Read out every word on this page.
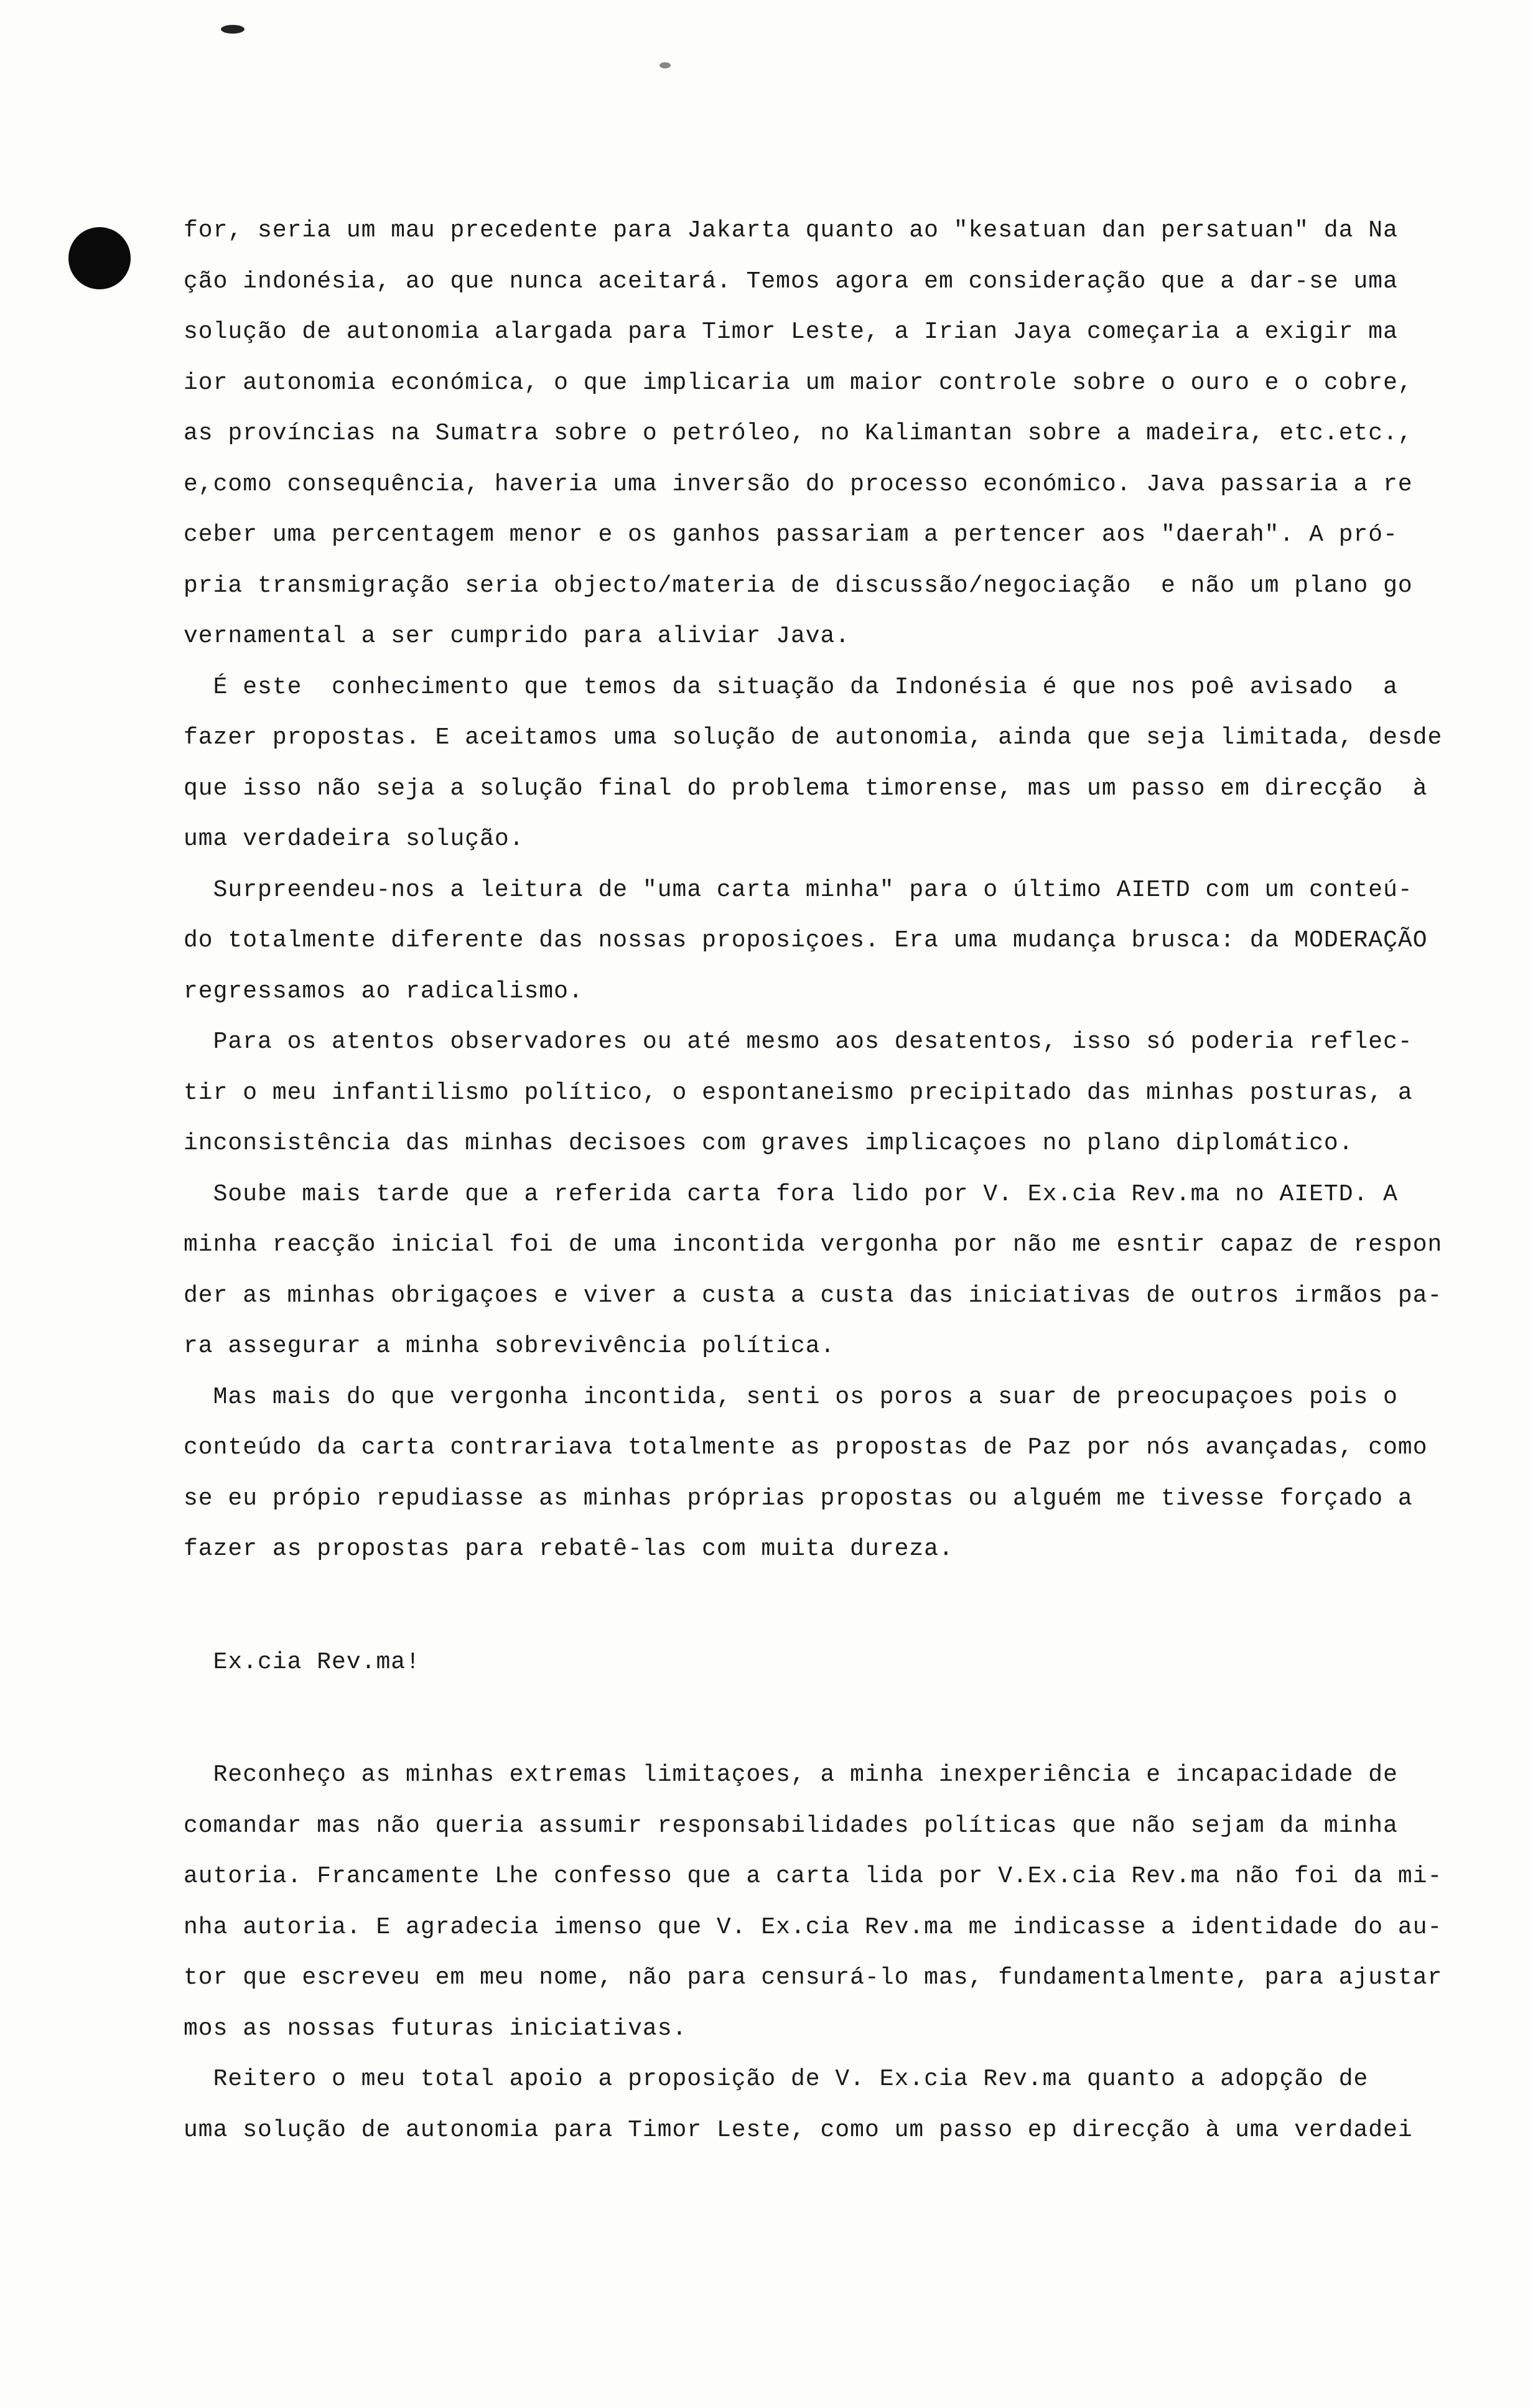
for, seria um mau precedente para Jakarta quanto ao "kesatuan dan persatuan" da Na
ção indonésia, ao que nunca aceitará. Temos agora em consideração que a dar-se uma
solução de autonomia alargada para Timor Leste, a Irian Jaya começaria a exigir ma
ior autonomia económica, o que implicaria um maior controle sobre o ouro e o cobre,
as províncias na Sumatra sobre o petróleo, no Kalimantan sobre a madeira, etc.etc.,
e,como consequência, haveria uma inversão do processo económico. Java passaria a re
ceber uma percentagem menor e os ganhos passariam a pertencer aos "daerah". A pró-
pria transmigração seria objecto/materia de discussão/negociação  e não um plano go
vernamental a ser cumprido para aliviar Java.
É este  conhecimento que temos da situação da Indonésia é que nos poê avisado  a
fazer propostas. E aceitamos uma solução de autonomia, ainda que seja limitada, desde
que isso não seja a solução final do problema timorense, mas um passo em direcção  à
uma verdadeira solução.
Surpreendeu-nos a leitura de "uma carta minha" para o último AIETD com um conteú-
do totalmente diferente das nossas proposiçoes. Era uma mudança brusca: da MODERAÇÃO
regressamos ao radicalismo.
Para os atentos observadores ou até mesmo aos desatentos, isso só poderia reflec-
tir o meu infantilismo político, o espontaneismo precipitado das minhas posturas, a
inconsistência das minhas decisoes com graves implicaçoes no plano diplomático.
Soube mais tarde que a referida carta fora lido por V. Ex.cia Rev.ma no AIETD. A
minha reacção inicial foi de uma incontida vergonha por não me esntir capaz de respon
der as minhas obrigaçoes e viver a custa a custa das iniciativas de outros irmãos pa-
ra assegurar a minha sobrevivência política.
Mas mais do que vergonha incontida, senti os poros a suar de preocupaçoes pois o
conteúdo da carta contrariava totalmente as propostas de Paz por nós avançadas, como
se eu própio repudiasse as minhas próprias propostas ou alguém me tivesse forçado a
fazer as propostas para rebatê-las com muita dureza.
Ex.cia Rev.ma!
Reconheço as minhas extremas limitaçoes, a minha inexperiência e incapacidade de
comandar mas não queria assumir responsabilidades políticas que não sejam da minha
autoria. Francamente Lhe confesso que a carta lida por V.Ex.cia Rev.ma não foi da mi-
nha autoria. E agradecia imenso que V. Ex.cia Rev.ma me indicasse a identidade do au-
tor que escreveu em meu nome, não para censurá-lo mas, fundamentalmente, para ajustar
mos as nossas futuras iniciativas.
Reitero o meu total apoio a proposição de V. Ex.cia Rev.ma quanto a adopção de
uma solução de autonomia para Timor Leste, como um passo ep direcção à uma verdadei
